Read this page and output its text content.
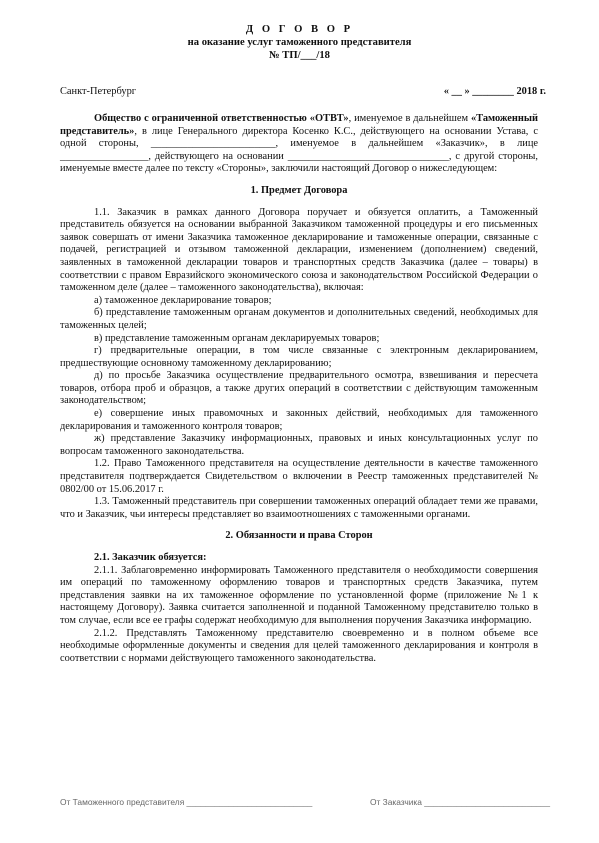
Д О Г О В О Р
на оказание услуг таможенного представителя
№ ТП/___/18
Санкт-Петербург	« __ » ________ 2018 г.

Общество с ограниченной ответственностью «ОТВТ», именуемое в дальнейшем «Таможенный представитель», в лице Генерального директора Косенко К.С., действующего на основании Устава, с одной стороны, ________________________, именуемое в дальнейшем «Заказчик», в лице _________________, действующего на основании _______________________________, с другой стороны, именуемые вместе далее по тексту «Стороны», заключили настоящий Договор о нижеследующем:

1. Предмет Договора

1.1. Заказчик в рамках данного Договора поручает и обязуется оплатить, а Таможенный представитель обязуется на основании выбранной Заказчиком таможенной процедуры и его письменных заявок совершать от имени Заказчика таможенное декларирование и таможенные операции, связанные с подачей, регистрацией и отзывом таможенной декларации, изменением (дополнением) сведений, заявленных в таможенной декларации товаров и транспортных средств Заказчика (далее – товары) в соответствии с правом Евразийского экономического союза и законодательством Российской Федерации о таможенном деле (далее – таможенного законодательства), включая:

а) таможенное декларирование товаров;

б) представление таможенным органам документов и дополнительных сведений, необходимых для таможенных целей;

в) представление таможенным органам декларируемых товаров;

г) предварительные операции, в том числе связанные с электронным декларированием, предшествующие основному таможенному декларированию;

д) по просьбе Заказчика осуществление предварительного осмотра, взвешивания и пересчета товаров, отбора проб и образцов, а также других операций в соответствии с действующим таможенным законодательством;

е) совершение иных правомочных и законных действий, необходимых для таможенного декларирования и таможенного контроля товаров;

ж) представление Заказчику информационных, правовых и иных консультационных услуг по вопросам таможенного законодательства.

1.2. Право Таможенного представителя на осуществление деятельности в качестве таможенного представителя подтверждается Свидетельством о включении в Реестр таможенных представителей № 0802/00 от 15.06.2017 г.

1.3. Таможенный представитель при совершении таможенных операций обладает теми же правами, что и Заказчик, чьи интересы представляет во взаимоотношениях с таможенными органами.

2. Обязанности и права Сторон

2.1. Заказчик обязуется:

2.1.1. Заблаговременно информировать Таможенного представителя о необходимости совершения им операций по таможенному оформлению товаров и транспортных средств Заказчика, путем представления заявки на их таможенное оформление по установленной форме (приложение №1 к настоящему Договору). Заявка считается заполненной и поданной Таможенному представителю только в том случае, если все ее графы содержат необходимую для выполнения поручения Заказчика информацию.

2.1.2. Представлять Таможенному представителю своевременно и в полном объеме все необходимые оформленные документы и сведения для целей таможенного декларирования и контроля в соответствии с нормами действующего таможенного законодательства.

От Таможенного представителя ___________________________	От Заказчика ___________________________
